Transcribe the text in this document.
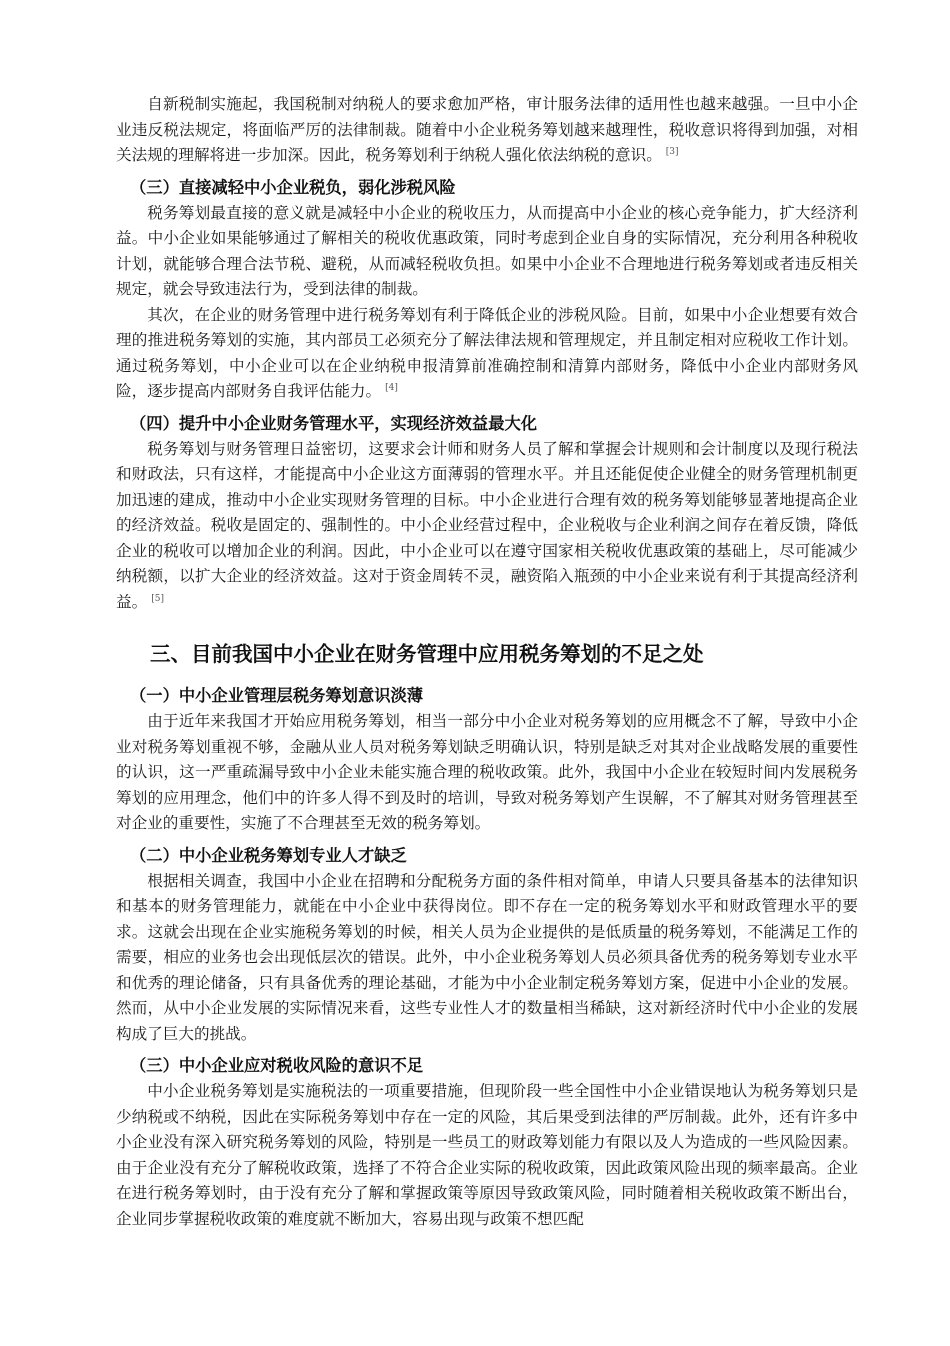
自新税制实施起，我国税制对纳税人的要求愈加严格，审计服务法律的适用性也越来越强。一旦中小企业违反税法规定，将面临严厉的法律制裁。随着中小企业税务筹划越来越理性，税收意识将得到加强，对相关法规的理解将进一步加深。因此，税务筹划利于纳税人强化依法纳税的意识。 [3]

（三）直接减轻中小企业税负，弱化涉税风险

税务筹划最直接的意义就是减轻中小企业的税收压力，从而提高中小企业的核心竞争能力，扩大经济利益。中小企业如果能够通过了解相关的税收优惠政策，同时考虑到企业自身的实际情况，充分利用各种税收计划，就能够合理合法节税、避税，从而减轻税收负担。如果中小企业不合理地进行税务筹划或者违反相关规定，就会导致违法行为，受到法律的制裁。

其次，在企业的财务管理中进行税务筹划有利于降低企业的涉税风险。目前，如果中小企业想要有效合理的推进税务筹划的实施，其内部员工必须充分了解法律法规和管理规定，并且制定相对应税收工作计划。通过税务筹划，中小企业可以在企业纳税申报清算前准确控制和清算内部财务，降低中小企业内部财务风险，逐步提高内部财务自我评估能力。 [4]

（四）提升中小企业财务管理水平，实现经济效益最大化

税务筹划与财务管理日益密切，这要求会计师和财务人员了解和掌握会计规则和会计制度以及现行税法和财政法，只有这样，才能提高中小企业这方面薄弱的管理水平。并且还能促使企业健全的财务管理机制更加迅速的建成，推动中小企业实现财务管理的目标。中小企业进行合理有效的税务筹划能够显著地提高企业的经济效益。税收是固定的、强制性的。中小企业经营过程中，企业税收与企业利润之间存在着反馈，降低企业的税收可以增加企业的利润。因此，中小企业可以在遵守国家相关税收优惠政策的基础上，尽可能减少纳税额，以扩大企业的经济效益。这对于资金周转不灵，融资陷入瓶颈的中小企业来说有利于其提高经济利益。 [5]

三、目前我国中小企业在财务管理中应用税务筹划的不足之处
（一）中小企业管理层税务筹划意识淡薄

由于近年来我国才开始应用税务筹划，相当一部分中小企业对税务筹划的应用概念不了解，导致中小企业对税务筹划重视不够，金融从业人员对税务筹划缺乏明确认识，特别是缺乏对其对企业战略发展的重要性的认识，这一严重疏漏导致中小企业未能实施合理的税收政策。此外，我国中小企业在较短时间内发展税务筹划的应用理念，他们中的许多人得不到及时的培训，导致对税务筹划产生误解，不了解其对财务管理甚至对企业的重要性，实施了不合理甚至无效的税务筹划。

（二）中小企业税务筹划专业人才缺乏

根据相关调查，我国中小企业在招聘和分配税务方面的条件相对简单，申请人只要具备基本的法律知识和基本的财务管理能力，就能在中小企业中获得岗位。即不存在一定的税务筹划水平和财政管理水平的要求。这就会出现在企业实施税务筹划的时候，相关人员为企业提供的是低质量的税务筹划，不能满足工作的需要，相应的业务也会出现低层次的错误。此外，中小企业税务筹划人员必须具备优秀的税务筹划专业水平和优秀的理论储备，只有具备优秀的理论基础，才能为中小企业制定税务筹划方案，促进中小企业的发展。然而，从中小企业发展的实际情况来看，这些专业性人才的数量相当稀缺，这对新经济时代中小企业的发展构成了巨大的挑战。

（三）中小企业应对税收风险的意识不足

中小企业税务筹划是实施税法的一项重要措施，但现阶段一些全国性中小企业错误地认为税务筹划只是少纳税或不纳税，因此在实际税务筹划中存在一定的风险，其后果受到法律的严厉制裁。此外，还有许多中小企业没有深入研究税务筹划的风险，特别是一些员工的财政筹划能力有限以及人为造成的一些风险因素。由于企业没有充分了解税收政策，选择了不符合企业实际的税收政策，因此政策风险出现的频率最高。企业在进行税务筹划时，由于没有充分了解和掌握政策等原因导致政策风险，同时随着相关税收政策不断出台，企业同步掌握税收政策的难度就不断加大，容易出现与政策不想匹配
